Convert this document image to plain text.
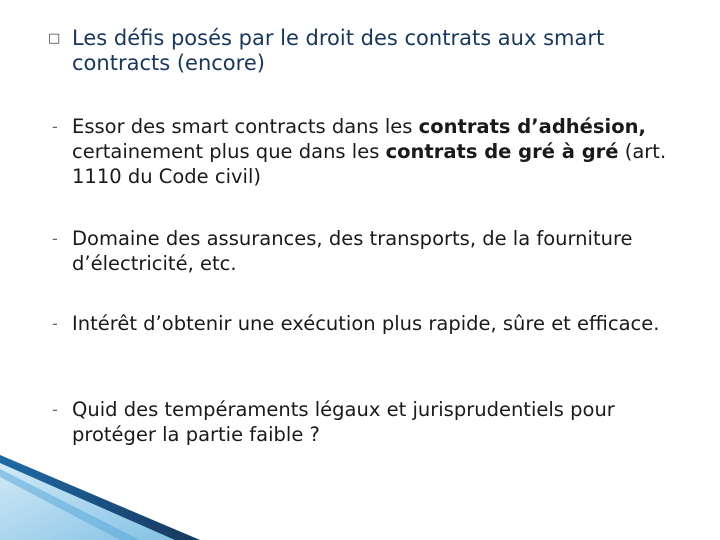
□ Les défis posés par le droit des contrats aux smart contracts (encore)
- Essor des smart contracts dans les contrats d’adhésion, certainement plus que dans les contrats de gré à gré (art. 1110 du Code civil)
- Domaine des assurances, des transports, de la fourniture d’électricité, etc.
- Intérêt d’obtenir une exécution plus rapide, sûre et efficace.
- Quid des tempéraments légaux et jurisprudentiels pour protéger la partie faible ?
